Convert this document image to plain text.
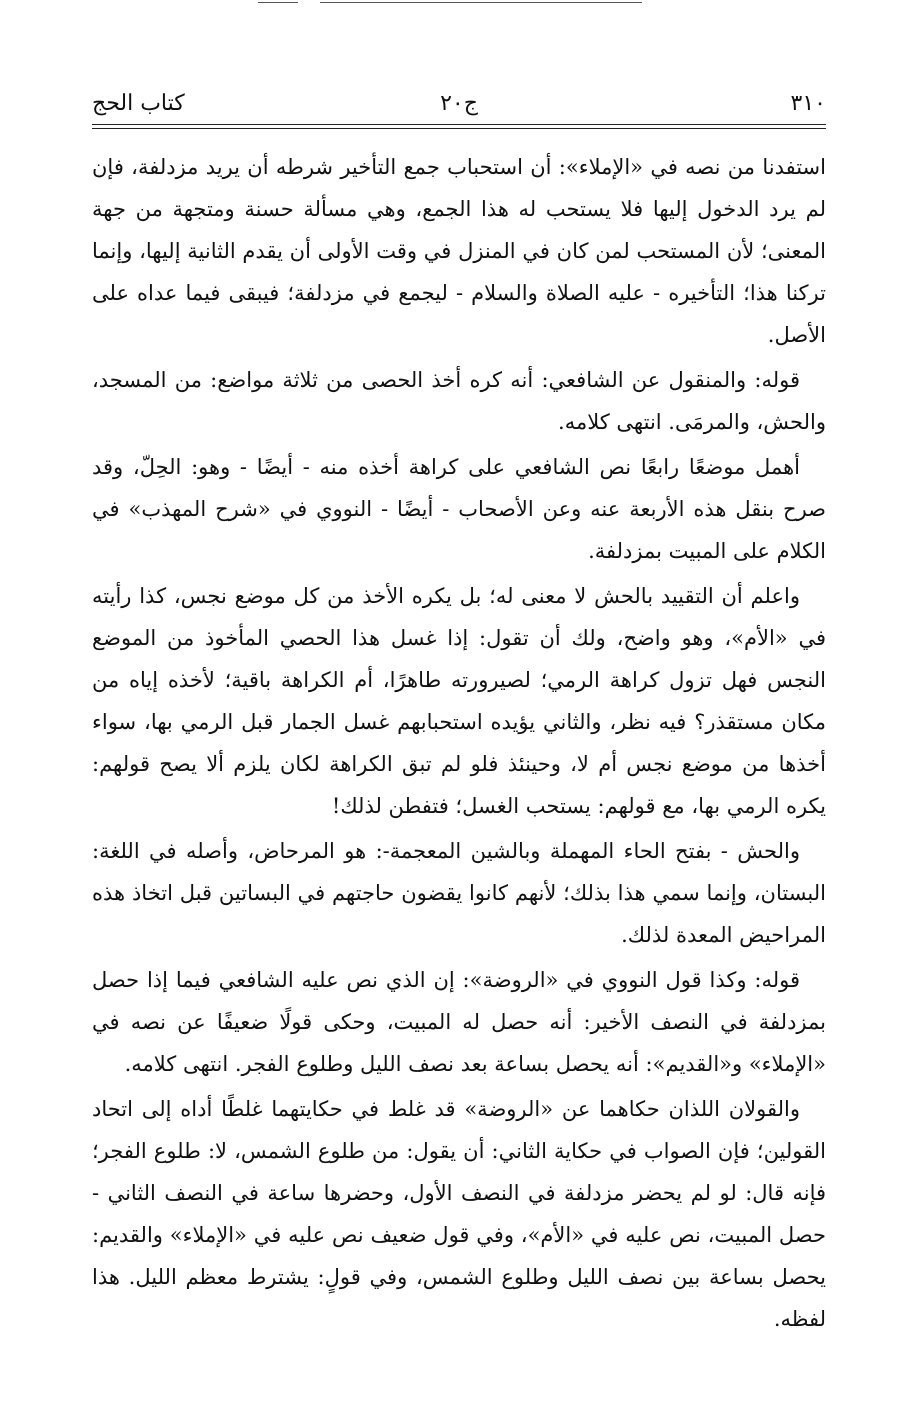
٣١٠
ج٢٠
كتاب الحج

استفدنا من نصه في «الإملاء»: أن استحباب جمع التأخير شرطه أن يريد مزدلفة، فإن لم يرد الدخول إليها فلا يستحب له هذا الجمع، وهي مسألة حسنة ومتجهة من جهة المعنى؛ لأن المستحب لمن كان في المنزل في وقت الأولى أن يقدم الثانية إليها، وإنما تركنا هذا؛ التأخيره - عليه الصلاة والسلام - ليجمع في مزدلفة؛ فيبقى فيما عداه على الأصل.

قوله: والمنقول عن الشافعي: أنه كره أخذ الحصى من ثلاثة مواضع: من المسجد، والحش، والمرمَى. انتهى كلامه.

أهمل موضعًا رابعًا نص الشافعي على كراهة أخذه منه - أيضًا - وهو: الحِلّ، وقد صرح بنقل هذه الأربعة عنه وعن الأصحاب - أيضًا - النووي في «شرح المهذب» في الكلام على المبيت بمزدلفة.

واعلم أن التقييد بالحش لا معنى له؛ بل يكره الأخذ من كل موضع نجس، كذا رأيته في «الأم»، وهو واضح، ولك أن تقول: إذا غسل هذا الحصي المأخوذ من الموضع النجس فهل تزول كراهة الرمي؛ لصيرورته طاهرًا، أم الكراهة باقية؛ لأخذه إياه من مكان مستقذر؟ فيه نظر، والثاني يؤيده استحبابهم غسل الجمار قبل الرمي بها، سواء أخذها من موضع نجس أم لا، وحينئذ فلو لم تبق الكراهة لكان يلزم ألا يصح قولهم: يكره الرمي بها، مع قولهم: يستحب الغسل؛ فتفطن لذلك!

والحش - بفتح الحاء المهملة وبالشين المعجمة-: هو المرحاض، وأصله في اللغة: البستان، وإنما سمي هذا بذلك؛ لأنهم كانوا يقضون حاجتهم في البساتين قبل اتخاذ هذه المراحيض المعدة لذلك.

قوله: وكذا قول النووي في «الروضة»: إن الذي نص عليه الشافعي فيما إذا حصل بمزدلفة في النصف الأخير: أنه حصل له المبيت، وحكى قولًا ضعيفًا عن نصه في «الإملاء» و«القديم»: أنه يحصل بساعة بعد نصف الليل وطلوع الفجر. انتهى كلامه.

والقولان اللذان حكاهما عن «الروضة» قد غلط في حكايتهما غلطًا أداه إلى اتحاد القولين؛ فإن الصواب في حكاية الثاني: أن يقول: من طلوع الشمس، لا: طلوع الفجر؛ فإنه قال: لو لم يحضر مزدلفة في النصف الأول، وحضرها ساعة في النصف الثاني - حصل المبيت، نص عليه في «الأم»، وفي قول ضعيف نص عليه في «الإملاء» والقديم: يحصل بساعة بين نصف الليل وطلوع الشمس، وفي قولٍ: يشترط معظم الليل. هذا لفظه.
